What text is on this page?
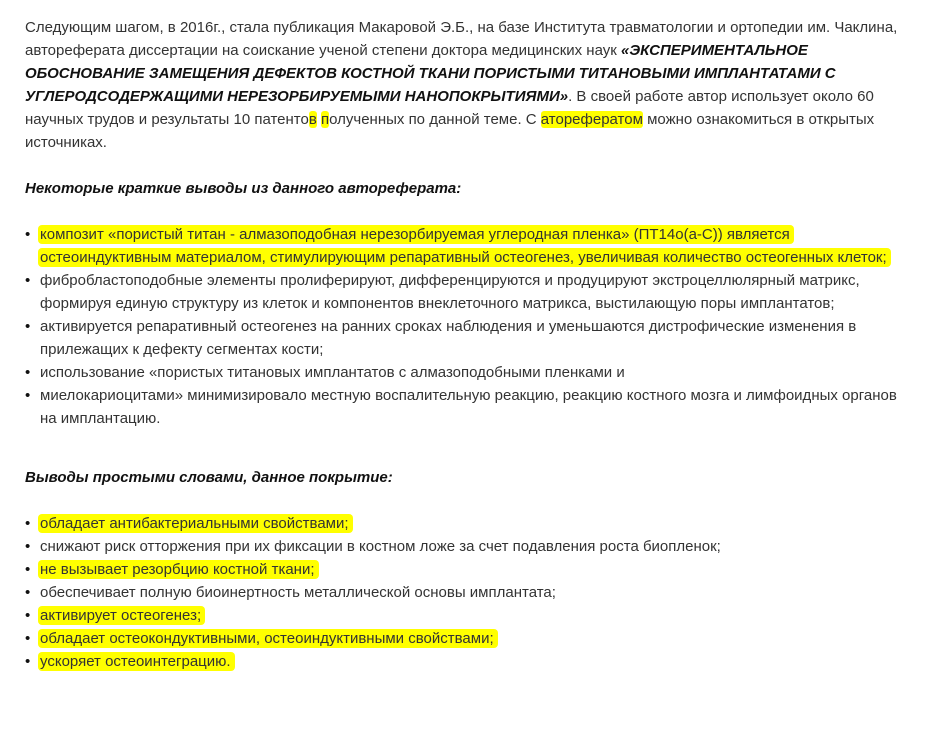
Следующим шагом, в 2016г., стала публикация Макаровой Э.Б., на базе Института травматологии и ортопедии им. Чаклина, автореферата диссертации на соискание ученой степени доктора медицинских наук «ЭКСПЕРИМЕНТАЛЬНОЕ ОБОСНОВАНИЕ ЗАМЕЩЕНИЯ ДЕФЕКТОВ КОСТНОЙ ТКАНИ ПОРИСТЫМИ ТИТАНОВЫМИ ИМПЛАНТАТАМИ С УГЛЕРОДСОДЕРЖАЩИМИ НЕРЕЗОРБИРУЕМЫМИ НАНОПОКРЫТИЯМИ». В своей работе автор использует около 60 научных трудов и результаты 10 патентов полученных по данной теме. С аторефератом можно ознакомиться в открытых источниках.

Некоторые краткие выводы из данного автореферата:

• композит «пористый титан - алмазоподобная нерезорбируемая углеродная пленка» (ПТ14о(а-С)) является остеоиндуктивным материалом, стимулирующим репаративный остеогенез, увеличивая количество остеогенных клеток;
• фибробластоподобные элементы пролиферируют, дифференцируются и продуцируют экстроцеллюлярный матрикс, формируя единую структуру из клеток и компонентов внеклеточного матрикса, выстилающую поры имплантатов;
• активируется репаративный остеогенез на ранних сроках наблюдения и уменьшаются дистрофические изменения в прилежащих к дефекту сегментах кости;
• использование «пористых титановых имплантатов с алмазоподобными пленками и
• миелокариоцитами» минимизировало местную воспалительную реакцию, реакцию костного мозга и лимфоидных органов на имплантацию.

Выводы простыми словами, данное покрытие:

• обладает антибактериальными свойствами;
• снижают риск отторжения при их фиксации в костном ложе за счет подавления роста биопленок;
• не вызывает резорбцию костной ткани;
• обеспечивает полную биоинертность металлической основы имплантата;
• активирует остеогенез;
• обладает остеокондуктивными, остеоиндуктивными свойствами;
• ускоряет остеоинтеграцию.
